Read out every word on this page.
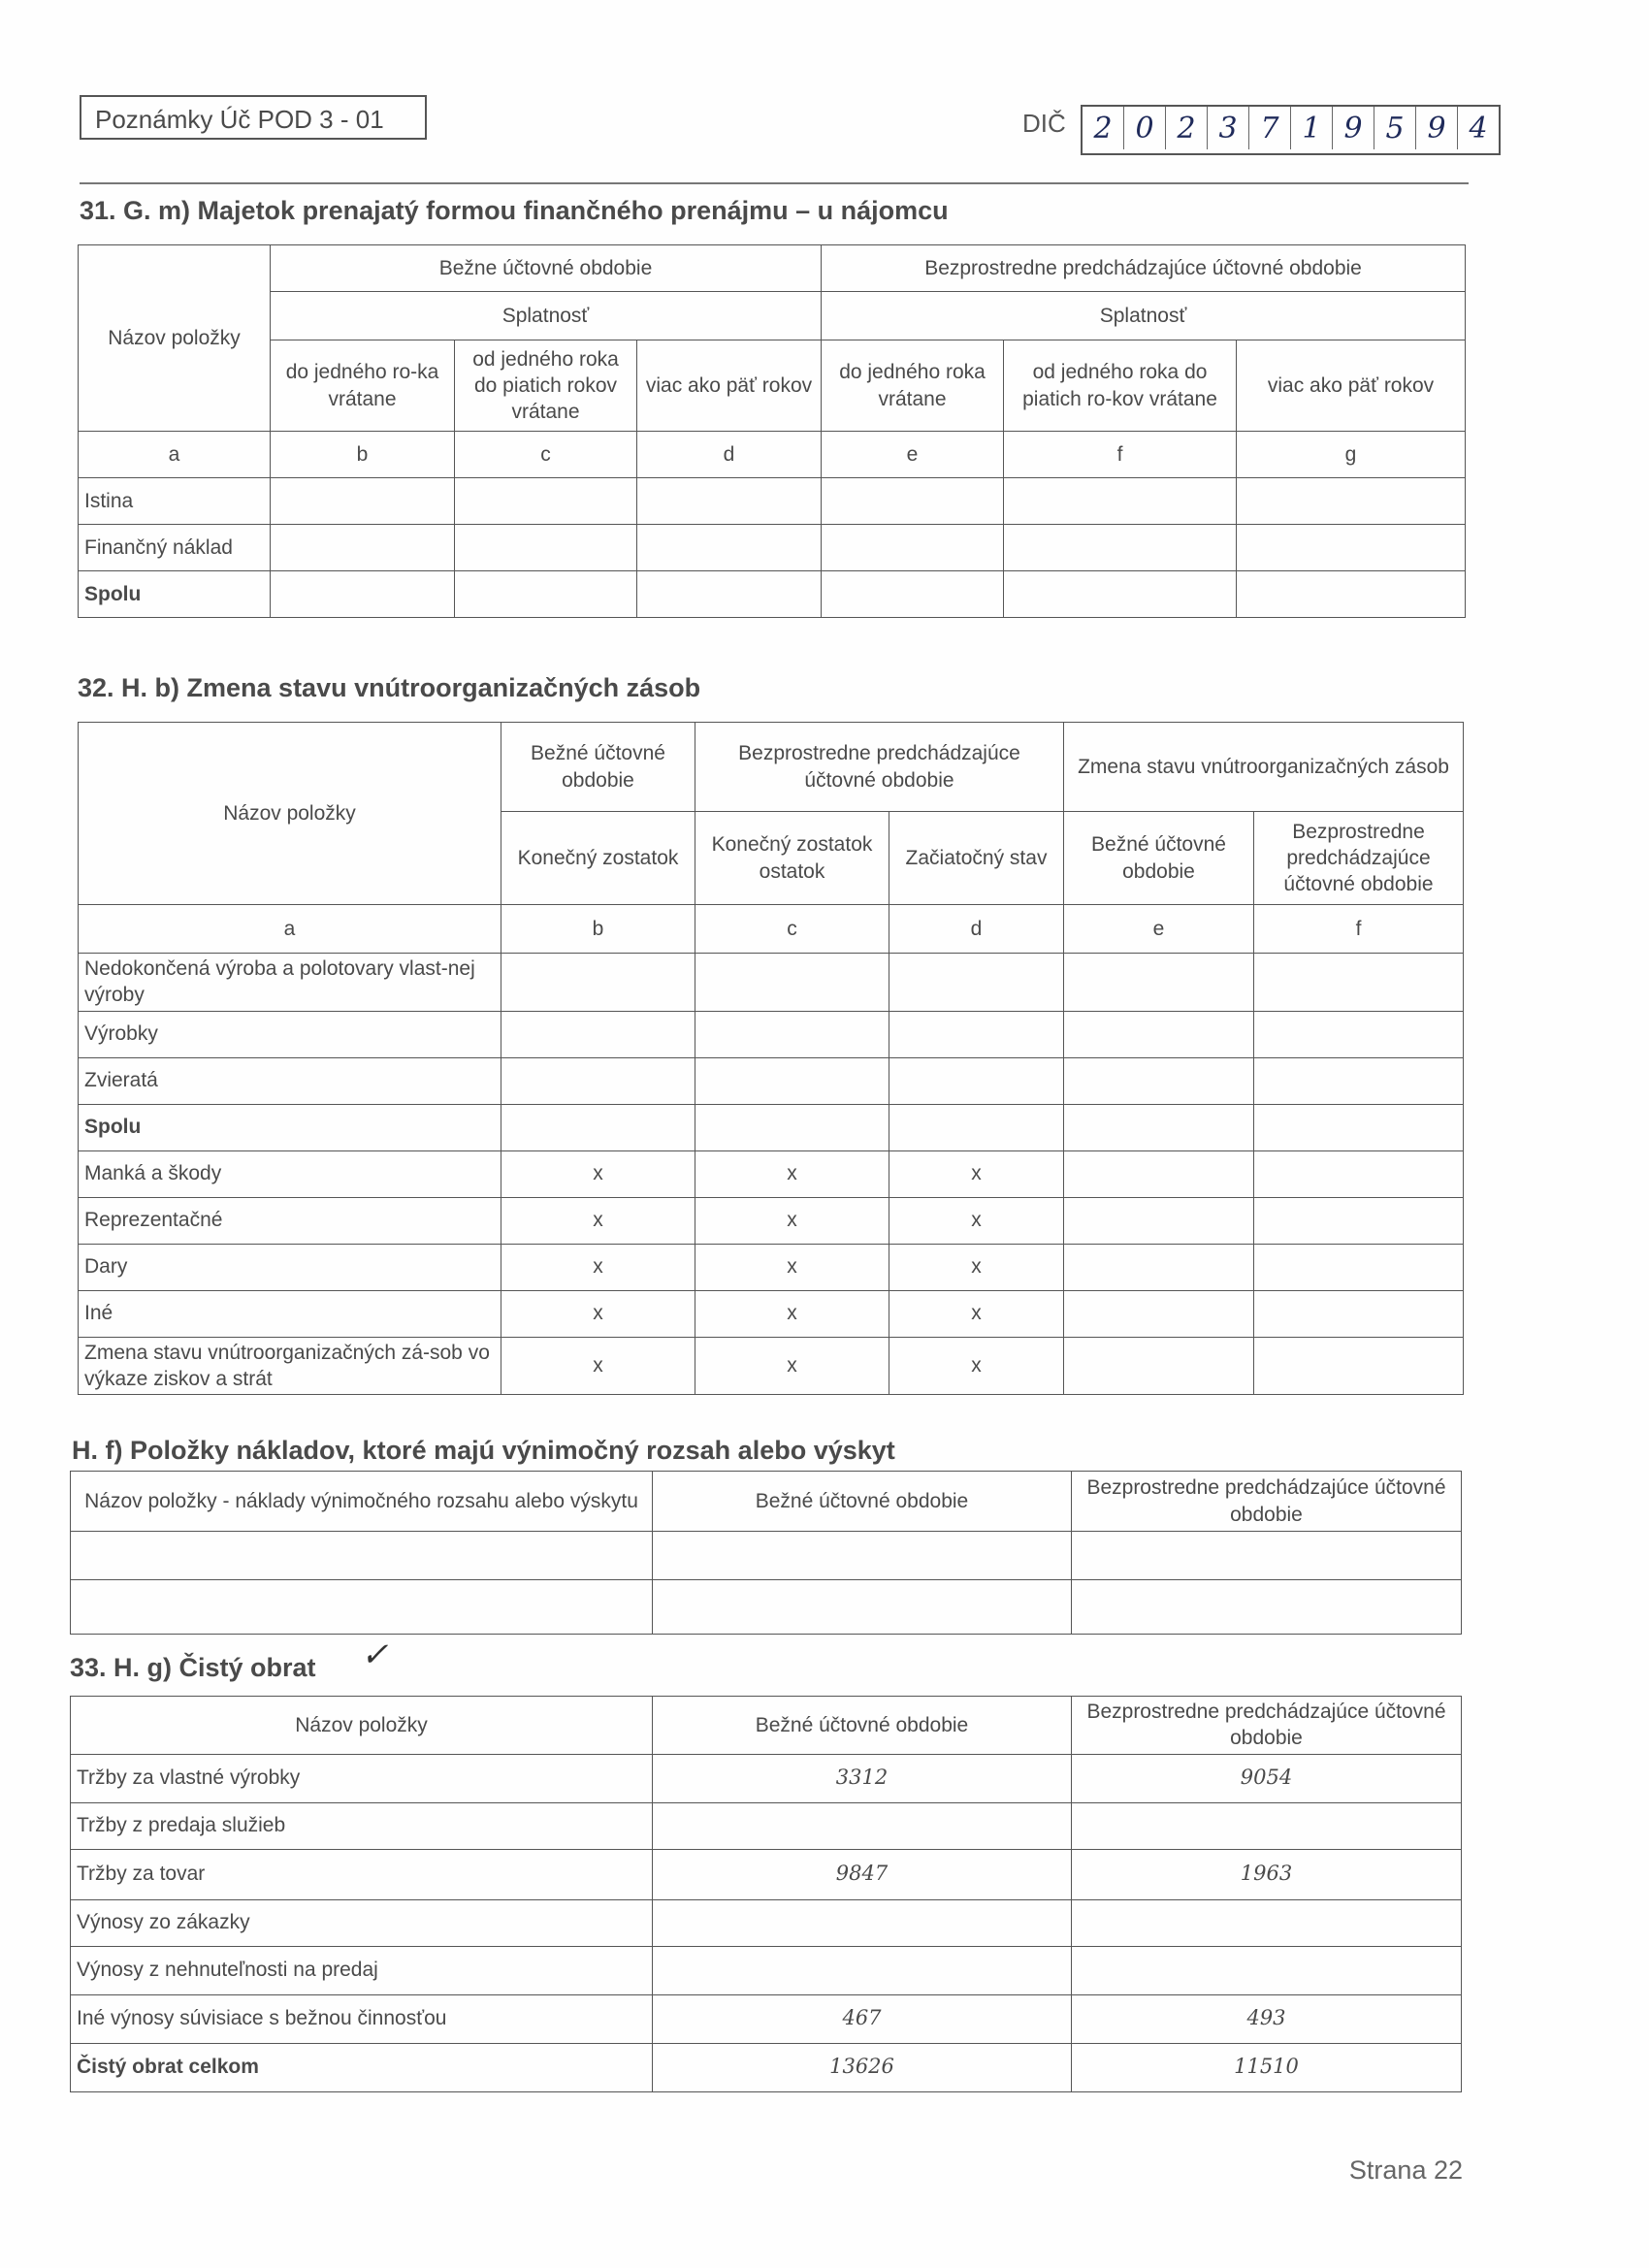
Poznámky Úč POD 3 - 01	DIČ 2 0 2 3 7 1 9 5 9 4
31. G. m) Majetok prenajatý formou finančného prenájmu – u nájomcu
Názov položky	Bežne účtovné obdobie			Bezprostredne predchádzajúce účtovné obdobie		
	Splatnosť			Splatnosť		
	do jedného ro-ka vrátane	od jedného roka do piatich rokov vrátane	viac ako päť rokov	do jedného roka vrátane	od jedného roka do piatich ro-kov vrátane	viac ako päť rokov
a	b	c	d	e	f	g
Istina						
Finančný náklad						
Spolu						
32. H. b) Zmena stavu vnútroorganizačných zásob
Názov položky	Bežné účtovné obdobie	Bezprostredne predchádzajúce účtovné obdobie		Zmena stavu vnútroorganizačných zásob	
	Konečný zostatok	Konečný zostatok ostatok	Začiatočný stav	Bežné účtovné obdobie	Bezprostredne predchádzajúce účtovné obdobie
a	b	c	d	e	f
Nedokončená výroba a polotovary vlast-nej výroby					
Výrobky					
Zvieratá					
Spolu					
Manká a škody	x	x	x		
Reprezentačné	x	x	x		
Dary	x	x	x		
Iné	x	x	x		
Zmena stavu vnútroorganizačných zá-sob vo výkaze ziskov a strát	x	x	x		
H. f) Položky nákladov, ktoré majú výnimočný rozsah alebo výskyt
Názov položky - náklady výnimočného rozsahu alebo výskytu	Bežné účtovné obdobie	Bezprostredne predchádzajúce účtovné obdobie

33. H. g) Čistý obrat ✓
Názov položky	Bežné účtovné obdobie	Bezprostredne predchádzajúce účtovné obdobie
Tržby za vlastné výrobky	3312	9054
Tržby z predaja služieb		
Tržby za tovar	9847	1963
Výnosy zo zákazky		
Výnosy z nehnuteľnosti na predaj		
Iné výnosy súvisiace s bežnou činnosťou	467	493
Čistý obrat celkom	13626	11510
Strana 22
